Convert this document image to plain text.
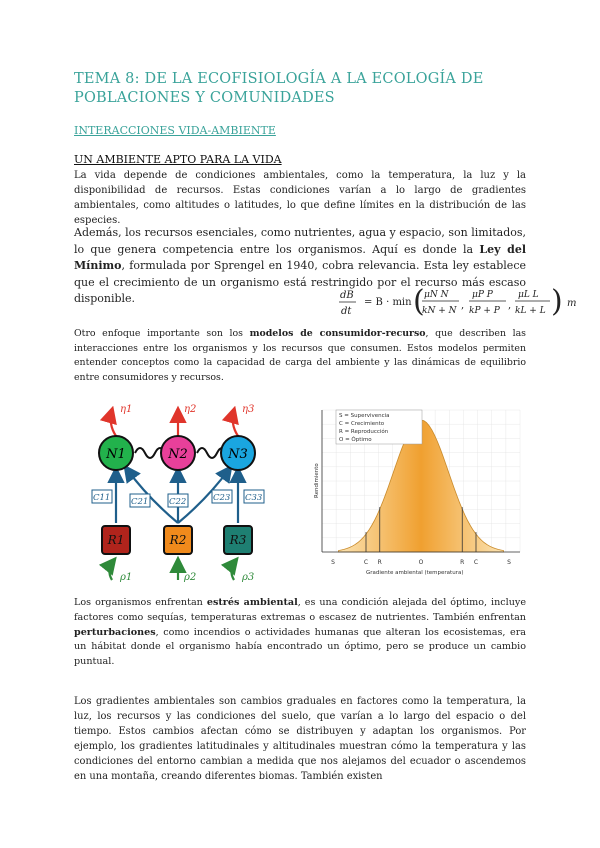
TEMA 8: DE LA ECOFISIOLOGÍA A LA ECOLOGÍA DE POBLACIONES Y COMUNIDADES
INTERACCIONES VIDA-AMBIENTE
UN AMBIENTE APTO PARA LA VIDA
La vida depende de condiciones ambientales, como la temperatura, la luz y la disponibilidad de recursos. Estas condiciones varían a lo largo de gradientes ambientales, como altitudes o latitudes, lo que define límites en la distribución de las especies.
Además, los recursos esenciales, como nutrientes, agua y espacio, son limitados, lo que genera competencia entre los organismos. Aquí es donde la Ley del Mínimo, formulada por Sprengel en 1940, cobra relevancia. Esta ley establece que el crecimiento de un organismo está restringido por el recurso más escaso disponible.	dB
dt
= B · min ( μN N
kN + N ,
μP P
kP + P ,
μL L
kL + L ) m
Otro enfoque importante son los modelos de consumidor-recurso, que describen las interacciones entre los organismos y los recursos que consumen. Estos modelos permiten entender conceptos como la capacidad de carga del ambiente y las dinámicas de equilibrio entre consumidores y recursos.
N1	N2	N3
η1	η2	η3
C11 C21 C22	C23 C33
R1	R2	R3
ρ1	ρ2	ρ3
S	C R	O	R C	S
Rendimiento
Gradiente ambiental (temperatura)
S = Supervivencia
C = Crecimiento
R = Reproducción
O = Óptimo
Los organismos enfrentan estrés ambiental, es una condición alejada del óptimo, incluye factores como sequías, temperaturas extremas o escasez de nutrientes. También enfrentan perturbaciones, como incendios o actividades humanas que alteran los ecosistemas, era un hábitat donde el organismo había encontrado un óptimo, pero se produce un cambio puntual.
Los gradientes ambientales son cambios graduales en factores como la temperatura, la luz, los recursos y las condiciones del suelo, que varían a lo largo del espacio o del tiempo. Estos cambios afectan cómo se distribuyen y adaptan los organismos. Por ejemplo, los gradientes latitudinales y altitudinales muestran cómo la temperatura y las condiciones del entorno cambian a medida que nos alejamos del ecuador o ascendemos en una montaña, creando diferentes biomas. También existen
